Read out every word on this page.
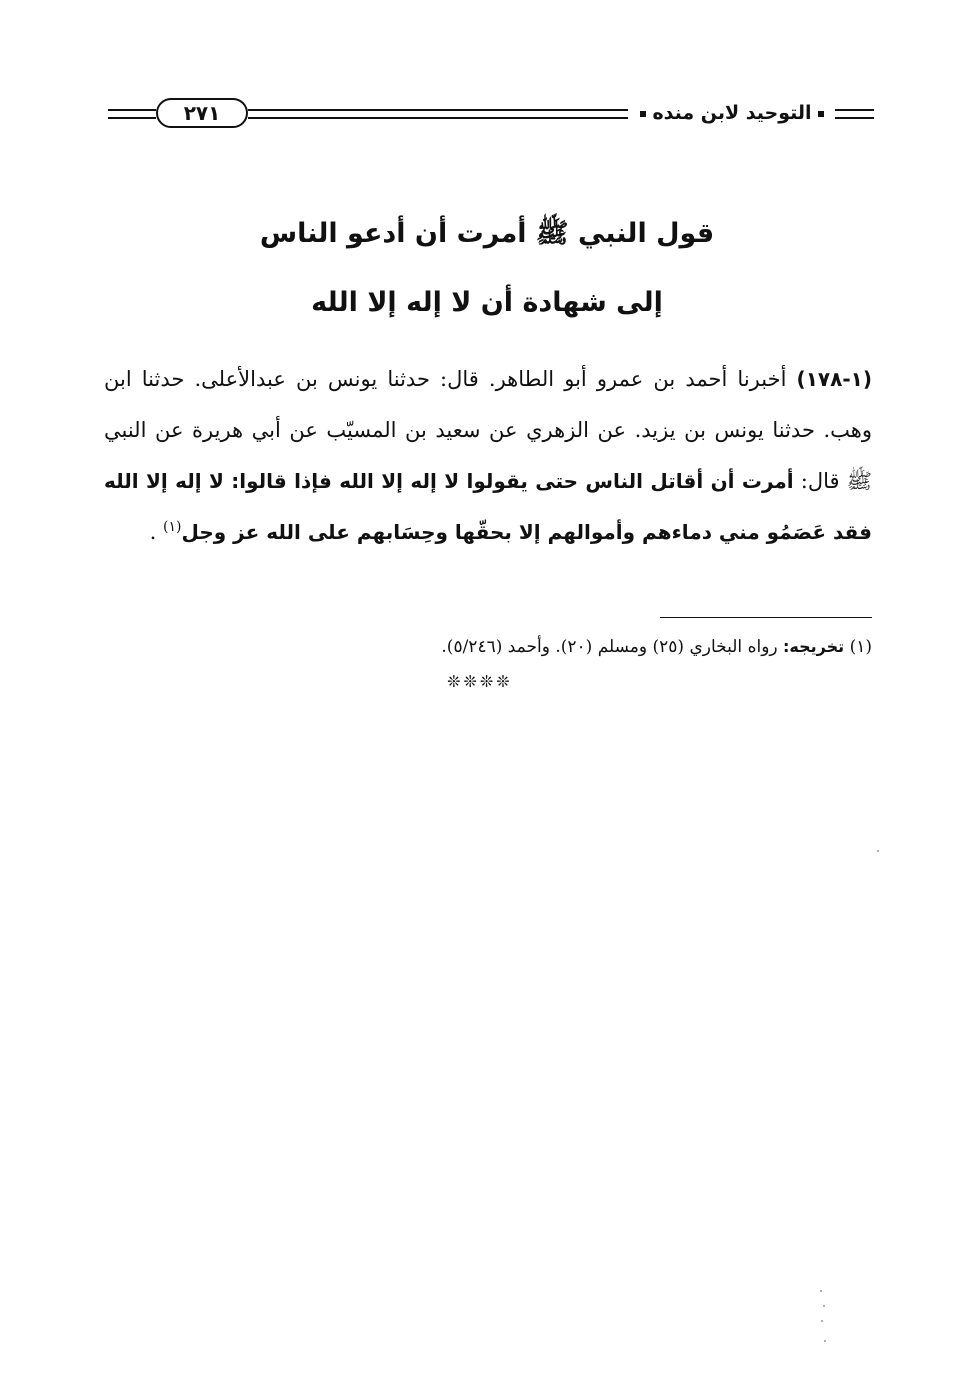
٢٧١	التوحيد لابن منده
قول النبي ﷺ أمرت أن أدعو الناس
إلى شهادة أن لا إله إلا الله
(١-١٧٨) أخبرنا أحمد بن عمرو أبو الطاهر. قال: حدثنا يونس بن عبدالأعلى. حدثنا ابن وهب. حدثنا يونس بن يزيد. عن الزهري عن سعيد بن المسيّب عن أبي هريرة عن النبي ﷺ قال: أمرت أن أقاتل الناس حتى يقولوا لا إله إلا الله فإذا قالوا: لا إله إلا الله فقد عَصَمُو مني دماءهم وأموالهم إلا بحقّها وحِسَابهم على الله عز وجل$^{(١)}$ .
(١) تخريجه: رواه البخاري (٢٥) ومسلم (٢٠). وأحمد (٥/٢٤٦).
❊❊❊❊
